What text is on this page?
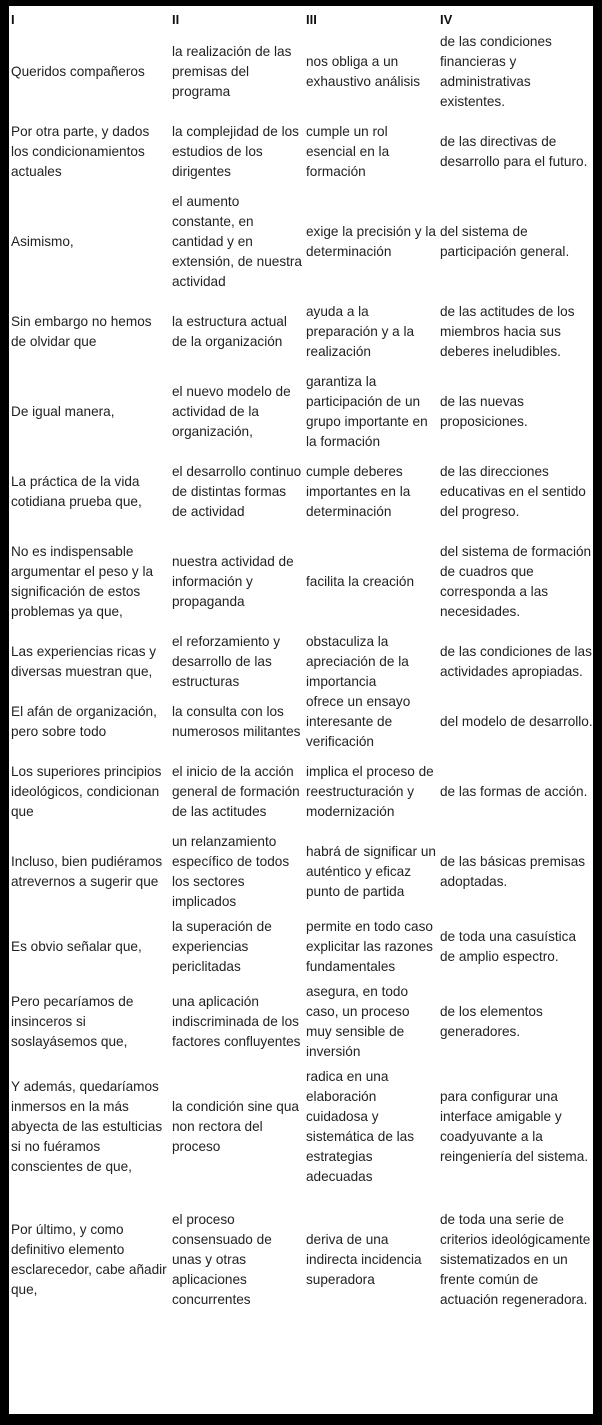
I	II	III	IV
Queridos compañeros	la realización de las premisas del programa	nos obliga a un exhaustivo análisis	de las condiciones financieras y administrativas existentes.
Por otra parte, y dados los condicionamientos actuales	la complejidad de los estudios de los dirigentes	cumple un rol esencial en la formación	de las directivas de desarrollo para el futuro.
Asimismo,	el aumento constante, en cantidad y en extensión, de nuestra actividad	exige la precisión y la determinación	del sistema de participación general.
Sin embargo no hemos de olvidar que	la estructura actual de la organización	ayuda a la preparación y a la realización	de las actitudes de los miembros hacia sus deberes ineludibles.
De igual manera,	el nuevo modelo de actividad de la organización,	garantiza la participación de un grupo importante en la formación	de las nuevas proposiciones.
La práctica de la vida cotidiana prueba que,	el desarrollo continuo de distintas formas de actividad	cumple deberes importantes en la determinación	de las direcciones educativas en el sentido del progreso.
No es indispensable argumentar el peso y la significación de estos problemas ya que,	nuestra actividad de información y propaganda	facilita la creación	del sistema de formación de cuadros que corresponda a las necesidades.
Las experiencias ricas y diversas muestran que,	el reforzamiento y desarrollo de las estructuras	obstaculiza la apreciación de la importancia	de las condiciones de las actividades apropiadas.
El afán de organización, pero sobre todo	la consulta con los numerosos militantes	ofrece un ensayo interesante de verificación	del modelo de desarrollo.
Los superiores principios ideológicos, condicionan que	el inicio de la acción general de formación de las actitudes	implica el proceso de reestructuración y modernización	de las formas de acción.
Incluso, bien pudiéramos atrevernos a sugerir que	un relanzamiento específico de todos los sectores implicados	habrá de significar un auténtico y eficaz punto de partida	de las básicas premisas adoptadas.
Es obvio señalar que,	la superación de experiencias periclitadas	permite en todo caso explicitar las razones fundamentales	de toda una casuística de amplio espectro.
Pero pecaríamos de insinceros si soslayásemos que,	una aplicación indiscriminada de los factores confluyentes	asegura, en todo caso, un proceso muy sensible de inversión	de los elementos generadores.
Y además, quedaríamos inmersos en la más abyecta de las estulticias si no fuéramos conscientes de que,	la condición sine qua non rectora del proceso	radica en una elaboración cuidadosa y sistemática de las estrategias adecuadas	para configurar una interface amigable y coadyuvante a la reingeniería del sistema.
Por último, y como definitivo elemento esclarecedor, cabe añadir que,	el proceso consensuado de unas y otras aplicaciones concurrentes	deriva de una indirecta incidencia superadora	de toda una serie de criterios ideológicamente sistematizados en un frente común de actuación regeneradora.
